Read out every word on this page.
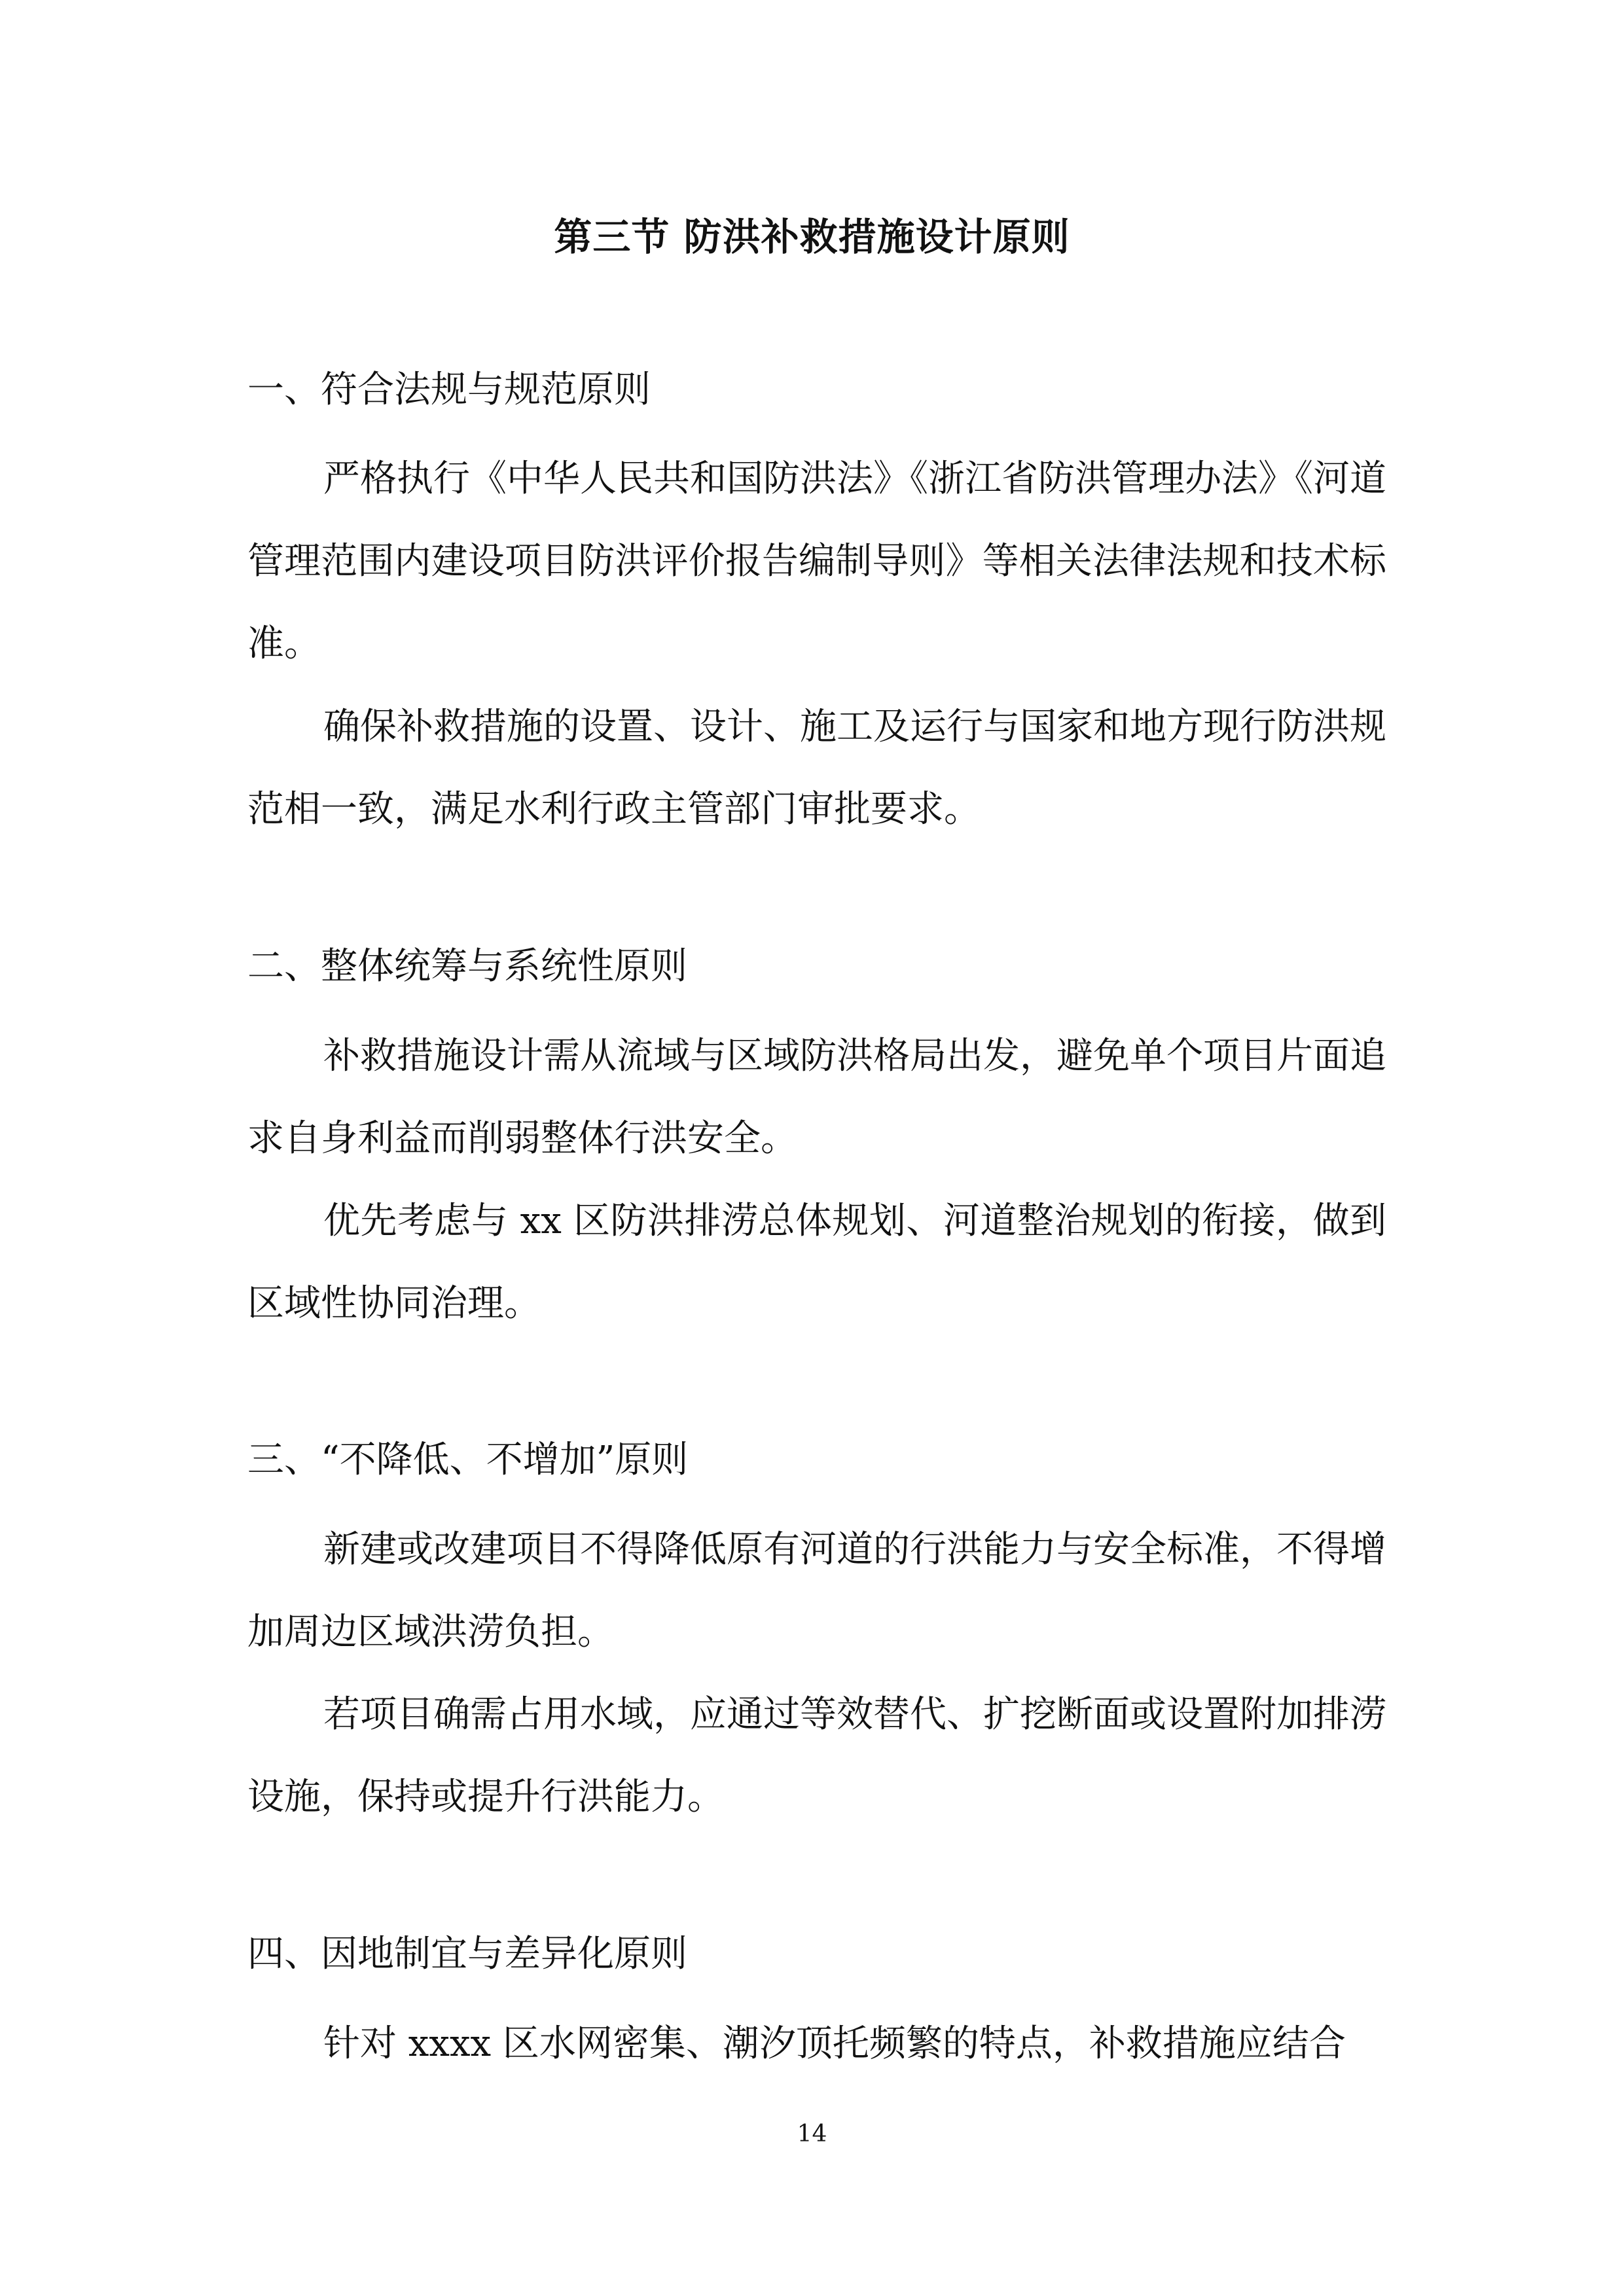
第三节 防洪补救措施设计原则
一、符合法规与规范原则

严格执行《中华人民共和国防洪法》《浙江省防洪管理办法》《河道管理范围内建设项目防洪评价报告编制导则》等相关法律法规和技术标准。

确保补救措施的设置、设计、施工及运行与国家和地方现行防洪规范相一致，满足水利行政主管部门审批要求。

二、整体统筹与系统性原则

补救措施设计需从流域与区域防洪格局出发，避免单个项目片面追求自身利益而削弱整体行洪安全。

优先考虑与 xx 区防洪排涝总体规划、河道整治规划的衔接，做到区域性协同治理。

三、“不降低、不增加”原则

新建或改建项目不得降低原有河道的行洪能力与安全标准，不得增加周边区域洪涝负担。

若项目确需占用水域，应通过等效替代、扩挖断面或设置附加排涝设施，保持或提升行洪能力。

四、因地制宜与差异化原则

针对 xxxx 区水网密集、潮汐顶托频繁的特点，补救措施应结合

14
